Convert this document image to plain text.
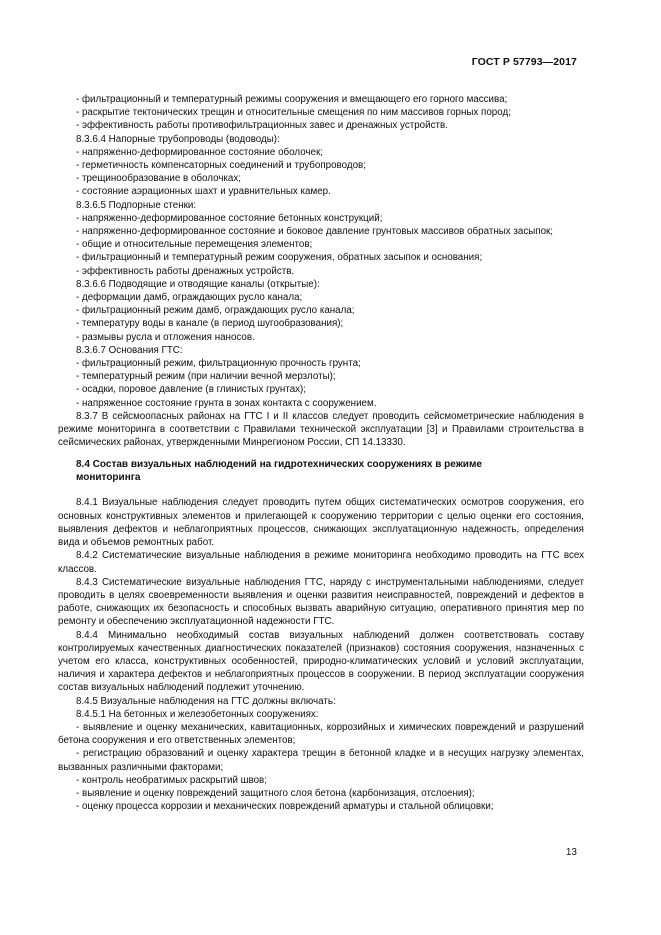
ГОСТ Р 57793—2017

- фильтрационный и температурный режимы сооружения и вмещающего его горного массива;

- раскрытие тектонических трещин и относительные смещения по ним массивов горных пород;

- эффективность работы противофильтрационных завес и дренажных устройств.

8.3.6.4 Напорные трубопроводы (водоводы):

- напряженно-деформированное состояние оболочек;

- герметичность компенсаторных соединений и трубопроводов;

- трещинообразование в оболочках;

- состояние аэрационных шахт и уравнительных камер.

8.3.6.5 Подпорные стенки:

- напряженно-деформированное состояние бетонных конструкций;

- напряженно-деформированное состояние и боковое давление грунтовых массивов обратных засыпок;

- общие и относительные перемещения элементов;

- фильтрационный и температурный режим сооружения, обратных засыпок и основания;

- эффективность работы дренажных устройств.

8.3.6.6 Подводящие и отводящие каналы (открытые):

- деформации дамб, ограждающих русло канала;

- фильтрационный режим дамб, ограждающих русло канала;

- температуру воды в канале (в период шугообразования);

- размывы русла и отложения наносов.

8.3.6.7 Основания ГТС:

- фильтрационный режим, фильтрационную прочность грунта;

- температурный режим (при наличии вечной мерзлоты);

- осадки, поровое давление (в глинистых грунтах);

- напряженное состояние грунта в зонах контакта с сооружением.

8.3.7 В сейсмоопасных районах на ГТС I и II классов следует проводить сейсмометрические наблюдения в режиме мониторинга в соответствии с Правилами технической эксплуатации [3] и Правилами строительства в сейсмических районах, утвержденными Минрегионом России, СП 14.13330.

8.4 Состав визуальных наблюдений на гидротехнических сооружениях в режиме
мониторинга

8.4.1 Визуальные наблюдения следует проводить путем общих систематических осмотров сооружения, его основных конструктивных элементов и прилегающей к сооружению территории с целью оценки его состояния, выявления дефектов и неблагоприятных процессов, снижающих эксплуатационную надежность, определения вида и объемов ремонтных работ.

8.4.2 Систематические визуальные наблюдения в режиме мониторинга необходимо проводить на ГТС всех классов.

8.4.3 Систематические визуальные наблюдения ГТС, наряду с инструментальными наблюдениями, следует проводить в целях своевременности выявления и оценки развития неисправностей, повреждений и дефектов в работе, снижающих их безопасность и способных вызвать аварийную ситуацию, оперативного принятия мер по ремонту и обеспечению эксплуатационной надежности ГТС.

8.4.4 Минимально необходимый состав визуальных наблюдений должен соответствовать составу контролируемых качественных диагностических показателей (признаков) состояния сооружения, назначенных с учетом его класса, конструктивных особенностей, природно-климатических условий и условий эксплуатации, наличия и характера дефектов и неблагоприятных процессов в сооружении. В период эксплуатации сооружения состав визуальных наблюдений подлежит уточнению.

8.4.5 Визуальные наблюдения на ГТС должны включать:

8.4.5.1 На бетонных и железобетонных сооружениях:

- выявление и оценку механических, кавитационных, коррозийных и химических повреждений и разрушений бетона сооружения и его ответственных элементов;

- регистрацию образований и оценку характера трещин в бетонной кладке и в несущих нагрузку элементах, вызванных различными факторами;

- контроль необратимых раскрытий швов;

- выявление и оценку повреждений защитного слоя бетона (карбонизация, отслоения);

- оценку процесса коррозии и механических повреждений арматуры и стальной облицовки;

13
